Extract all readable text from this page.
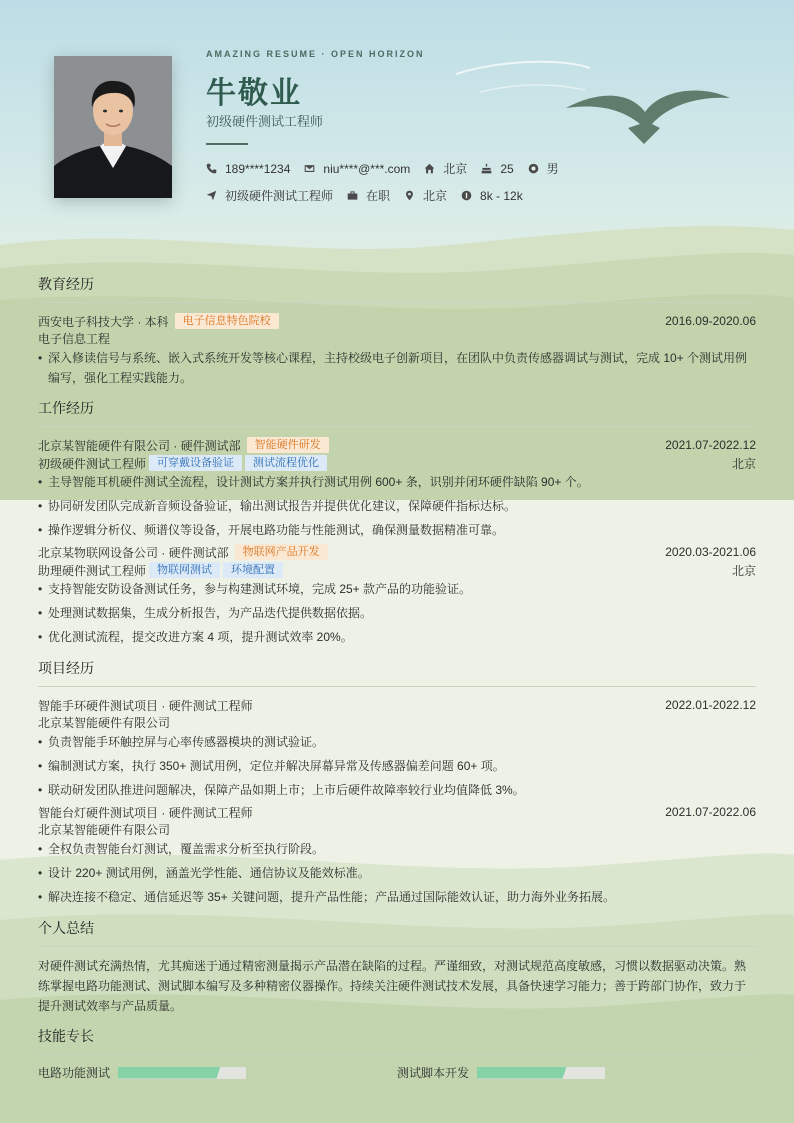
AMAZING RESUME · OPEN HORIZON
牛敬业
初级硬件测试工程师
189****1234	niu****@***.com	北京	25	男
初级硬件测试工程师	在职	北京	8k - 12k
教育经历
西安电子科技大学 · 本科	电子信息特色院校	2016.09-2020.06
电子信息工程
• 深入修读信号与系统、嵌入式系统开发等核心课程，主持校级电子创新项目，在团队中负责传感器调试与测试，完成 10+ 个测试用例编写，强化工程实践能力。
工作经历
北京某智能硬件有限公司 · 硬件测试部	智能硬件研发	2021.07-2022.12
初级硬件测试工程师	可穿戴设备验证	测试流程优化	北京
• 主导智能耳机硬件测试全流程，设计测试方案并执行测试用例 600+ 条，识别并闭环硬件缺陷 90+ 个。
• 协同研发团队完成新音频设备验证，输出测试报告并提供优化建议，保障硬件指标达标。
• 操作逻辑分析仪、频谱仪等设备，开展电路功能与性能测试，确保测量数据精准可靠。
北京某物联网设备公司 · 硬件测试部	物联网产品开发	2020.03-2021.06
助理硬件测试工程师	物联网测试	环境配置	北京
• 支持智能安防设备测试任务，参与构建测试环境，完成 25+ 款产品的功能验证。
• 处理测试数据集，生成分析报告，为产品迭代提供数据依据。
• 优化测试流程，提交改进方案 4 项，提升测试效率 20%。
项目经历
智能手环硬件测试项目 · 硬件测试工程师	2022.01-2022.12
北京某智能硬件有限公司
• 负责智能手环触控屏与心率传感器模块的测试验证。
• 编制测试方案，执行 350+ 测试用例，定位并解决屏幕异常及传感器偏差问题 60+ 项。
• 联动研发团队推进问题解决，保障产品如期上市；上市后硬件故障率较行业均值降低 3%。
智能台灯硬件测试项目 · 硬件测试工程师	2021.07-2022.06
北京某智能硬件有限公司
• 全权负责智能台灯测试，覆盖需求分析至执行阶段。
• 设计 220+ 测试用例，涵盖光学性能、通信协议及能效标准。
• 解决连接不稳定、通信延迟等 35+ 关键问题，提升产品性能；产品通过国际能效认证，助力海外业务拓展。
个人总结
对硬件测试充满热情，尤其痴迷于通过精密测量揭示产品潜在缺陷的过程。严谨细致，对测试规范高度敏感，习惯以数据驱动决策。熟练掌握电路功能测试、测试脚本编写及多种精密仪器操作。持续关注硬件测试技术发展，具备快速学习能力；善于跨部门协作，致力于提升测试效率与产品质量。
技能专长
电路功能测试	测试脚本开发
